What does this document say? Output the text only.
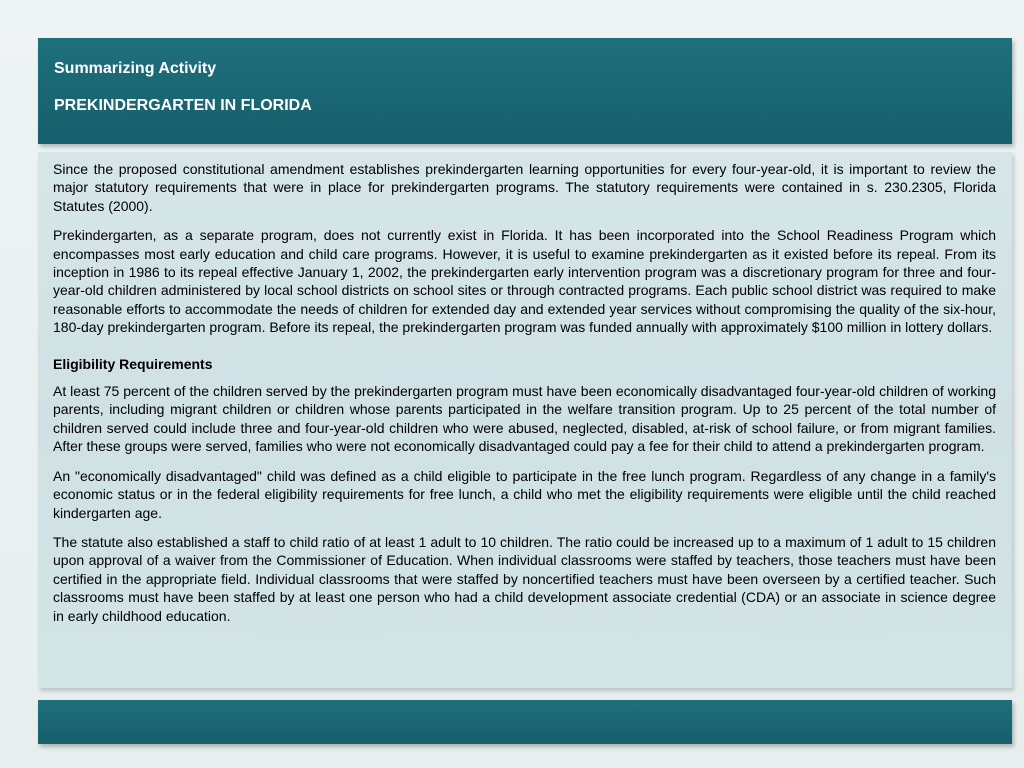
Summarizing Activity
PREKINDERGARTEN IN FLORIDA

Since the proposed constitutional amendment establishes prekindergarten learning opportunities for every four-year-old, it is important to review the major statutory requirements that were in place for prekindergarten programs. The statutory requirements were contained in s. 230.2305, Florida Statutes (2000).

Prekindergarten, as a separate program, does not currently exist in Florida. It has been incorporated into the School Readiness Program which encompasses most early education and child care programs. However, it is useful to examine prekindergarten as it existed before its repeal. From its inception in 1986 to its repeal effective January 1, 2002, the prekindergarten early intervention program was a discretionary program for three and four-year-old children administered by local school districts on school sites or through contracted programs. Each public school district was required to make reasonable efforts to accommodate the needs of children for extended day and extended year services without compromising the quality of the six-hour, 180-day prekindergarten program. Before its repeal, the prekindergarten program was funded annually with approximately $100 million in lottery dollars.

Eligibility Requirements

At least 75 percent of the children served by the prekindergarten program must have been economically disadvantaged four-year-old children of working parents, including migrant children or children whose parents participated in the welfare transition program. Up to 25 percent of the total number of children served could include three and four-year-old children who were abused, neglected, disabled, at-risk of school failure, or from migrant families. After these groups were served, families who were not economically disadvantaged could pay a fee for their child to attend a prekindergarten program.

An "economically disadvantaged" child was defined as a child eligible to participate in the free lunch program. Regardless of any change in a family's economic status or in the federal eligibility requirements for free lunch, a child who met the eligibility requirements were eligible until the child reached kindergarten age.

The statute also established a staff to child ratio of at least 1 adult to 10 children. The ratio could be increased up to a maximum of 1 adult to 15 children upon approval of a waiver from the Commissioner of Education. When individual classrooms were staffed by teachers, those teachers must have been certified in the appropriate field. Individual classrooms that were staffed by noncertified teachers must have been overseen by a certified teacher. Such classrooms must have been staffed by at least one person who had a child development associate credential (CDA) or an associate in science degree in early childhood education.
